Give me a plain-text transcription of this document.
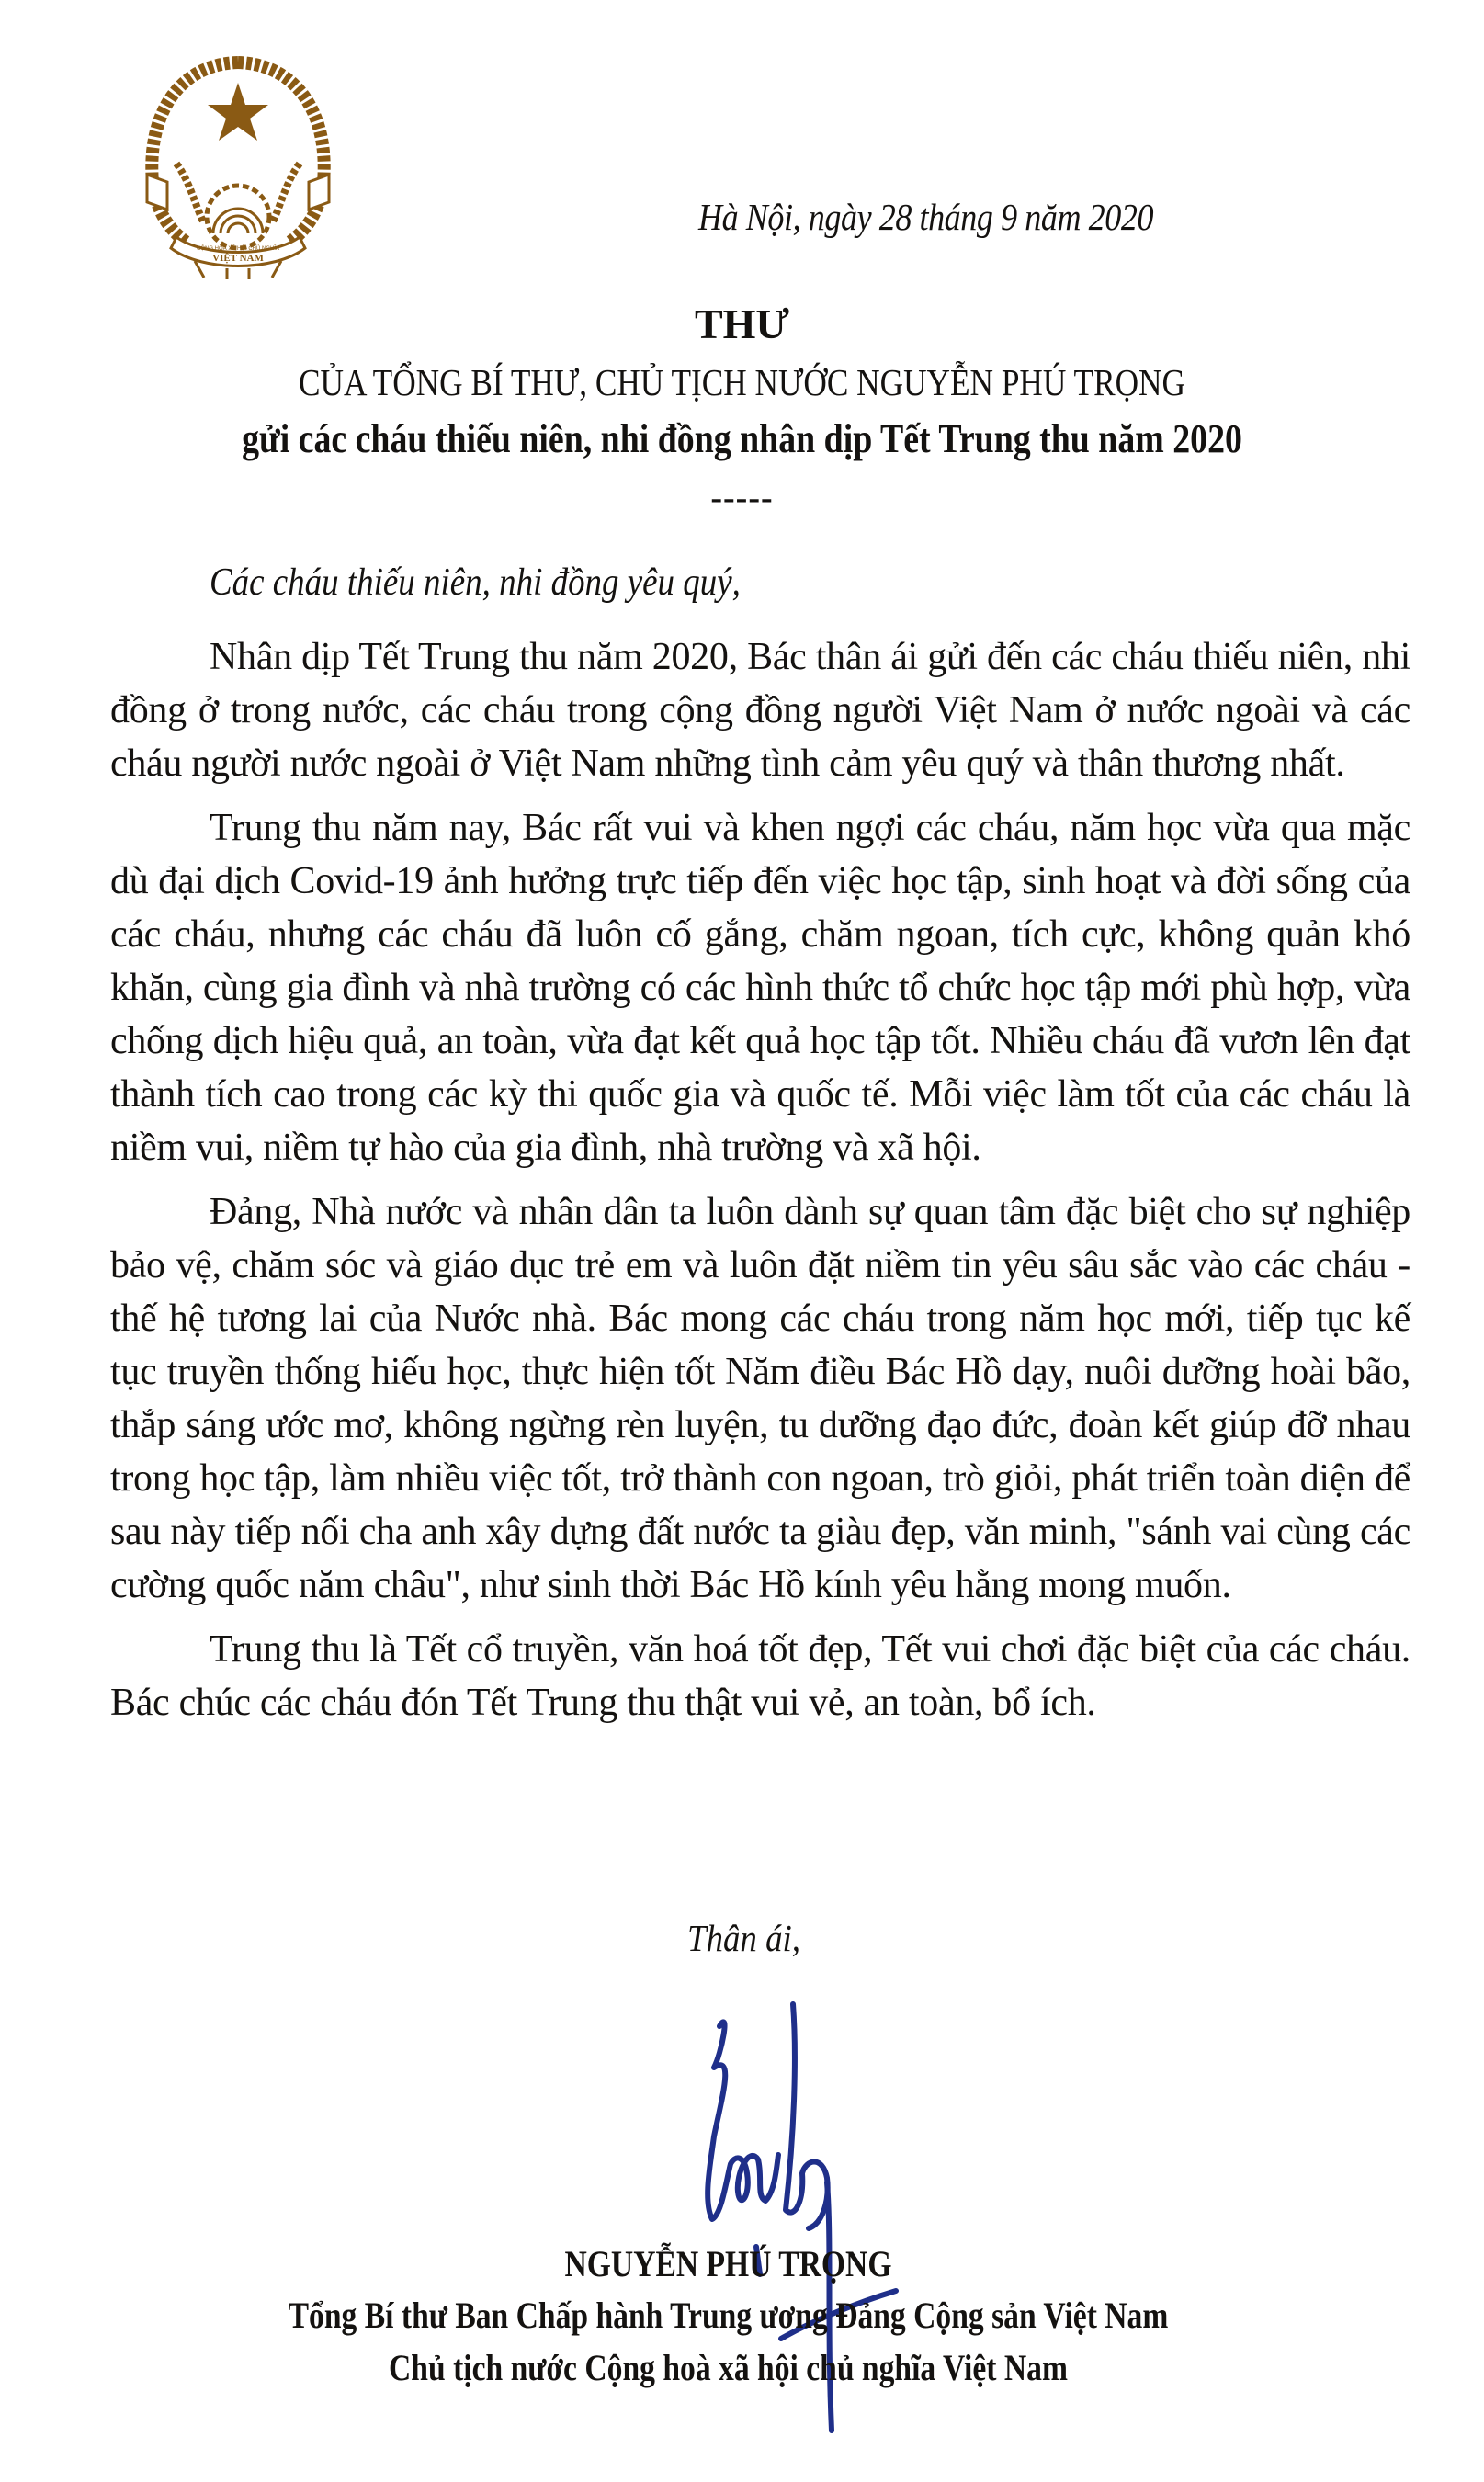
CỘNG HOÀ XÃ HỘI CHỦ NGHĨA
VIỆT NAM
Hà Nội, ngày 28 tháng 9 năm 2020
THƯ
CỦA TỔNG BÍ THƯ, CHỦ TỊCH NƯỚC NGUYỄN PHÚ TRỌNG
gửi các cháu thiếu niên, nhi đồng nhân dịp Tết Trung thu năm 2020
-----
Các cháu thiếu niên, nhi đồng yêu quý,

Nhân dịp Tết Trung thu năm 2020, Bác thân ái gửi đến các cháu thiếu niên, nhi đồng ở trong nước, các cháu trong cộng đồng người Việt Nam ở nước ngoài và các cháu người nước ngoài ở Việt Nam những tình cảm yêu quý và thân thương nhất.

Trung thu năm nay, Bác rất vui và khen ngợi các cháu, năm học vừa qua mặc dù đại dịch Covid-19 ảnh hưởng trực tiếp đến việc học tập, sinh hoạt và đời sống của các cháu, nhưng các cháu đã luôn cố gắng, chăm ngoan, tích cực, không quản khó khăn, cùng gia đình và nhà trường có các hình thức tổ chức học tập mới phù hợp, vừa chống dịch hiệu quả, an toàn, vừa đạt kết quả học tập tốt. Nhiều cháu đã vươn lên đạt thành tích cao trong các kỳ thi quốc gia và quốc tế. Mỗi việc làm tốt của các cháu là niềm vui, niềm tự hào của gia đình, nhà trường và xã hội.

Đảng, Nhà nước và nhân dân ta luôn dành sự quan tâm đặc biệt cho sự nghiệp bảo vệ, chăm sóc và giáo dục trẻ em và luôn đặt niềm tin yêu sâu sắc vào các cháu - thế hệ tương lai của Nước nhà. Bác mong các cháu trong năm học mới, tiếp tục kế tục truyền thống hiếu học, thực hiện tốt Năm điều Bác Hồ dạy, nuôi dưỡng hoài bão, thắp sáng ước mơ, không ngừng rèn luyện, tu dưỡng đạo đức, đoàn kết giúp đỡ nhau trong học tập, làm nhiều việc tốt, trở thành con ngoan, trò giỏi, phát triển toàn diện để sau này tiếp nối cha anh xây dựng đất nước ta giàu đẹp, văn minh, "sánh vai cùng các cường quốc năm châu", như sinh thời Bác Hồ kính yêu hằng mong muốn.

Trung thu là Tết cổ truyền, văn hoá tốt đẹp, Tết vui chơi đặc biệt của các cháu. Bác chúc các cháu đón Tết Trung thu thật vui vẻ, an toàn, bổ ích.

Thân ái,
NGUYỄN PHÚ TRỌNG
Tổng Bí thư Ban Chấp hành Trung ương Đảng Cộng sản Việt Nam
Chủ tịch nước Cộng hoà xã hội chủ nghĩa Việt Nam
